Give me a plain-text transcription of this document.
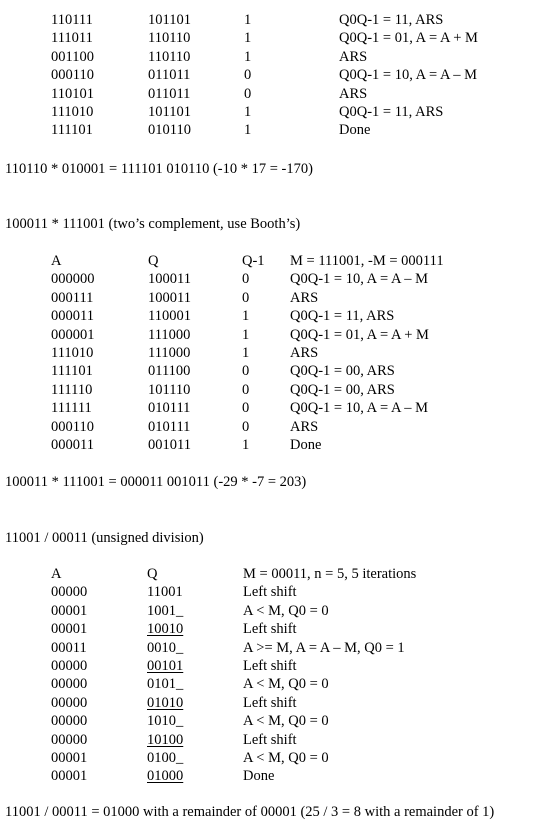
110111	101101	1	Q0Q-1 = 11, ARS
111011	110110	1	Q0Q-1 = 01, A = A + M
001100	110110	1	ARS
000110	011011	0	Q0Q-1 = 10, A = A – M
110101	011011	0	ARS
111010	101101	1	Q0Q-1 = 11, ARS
111101	010110	1	Done
110110 * 010001 = 111101 010110 (-10 * 17 = -170)
100011 * 111001 (two’s complement, use Booth’s)
A	Q	Q-1	M = 111001, -M = 000111
000000	100011	0	Q0Q-1 = 10, A = A – M
000111	100011	0	ARS
000011	110001	1	Q0Q-1 = 11, ARS
000001	111000	1	Q0Q-1 = 01, A = A + M
111010	111000	1	ARS
111101	011100	0	Q0Q-1 = 00, ARS
111110	101110	0	Q0Q-1 = 00, ARS
111111	010111	0	Q0Q-1 = 10, A = A – M
000110	010111	0	ARS
000011	001011	1	Done
100011 * 111001 = 000011 001011 (-29 * -7 = 203)
11001 / 00011 (unsigned division)
A	Q	M = 00011, n = 5, 5 iterations
00000	11001	Left shift
00001	1001_	A < M, Q0 = 0
00001	10010	Left shift
00011	0010_	A >= M, A = A – M, Q0 = 1
00000	00101	Left shift
00000	0101_	A < M, Q0 = 0
00000	01010	Left shift
00000	1010_	A < M, Q0 = 0
00000	10100	Left shift
00001	0100_	A < M, Q0 = 0
00001	01000	Done
11001 / 00011 = 01000 with a remainder of 00001 (25 / 3 = 8 with a remainder of 1)
